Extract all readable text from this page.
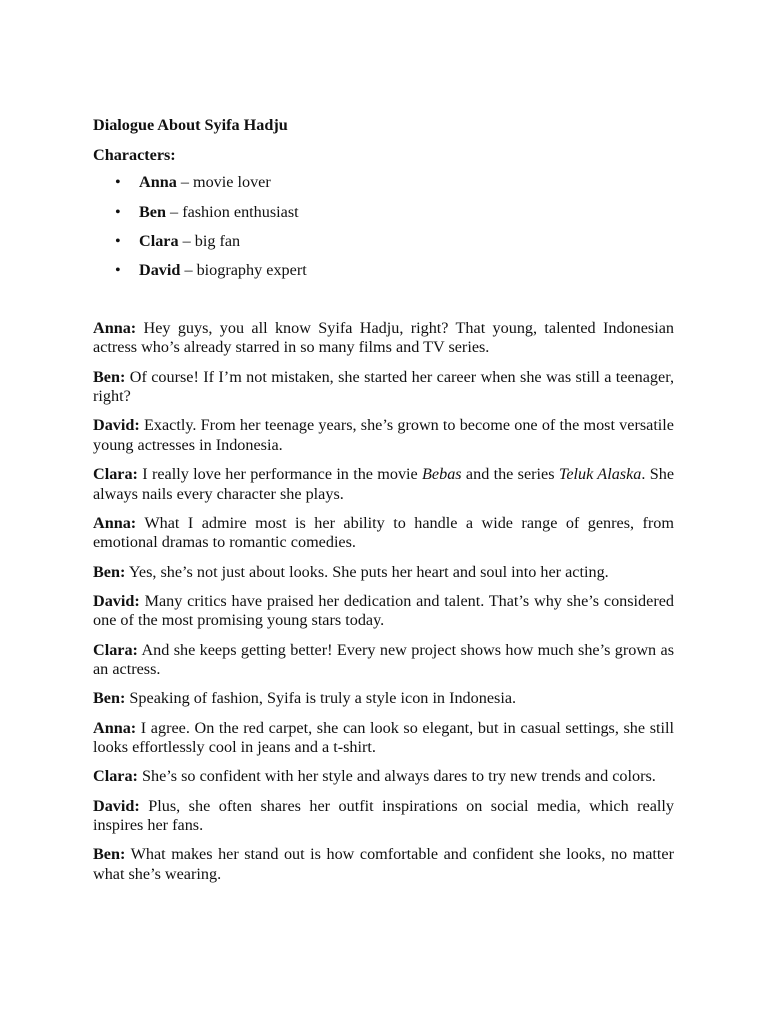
Dialogue About Syifa Hadju
Characters:
• Anna – movie lover
• Ben – fashion enthusiast
• Clara – big fan
• David – biography expert

Anna: Hey guys, you all know Syifa Hadju, right? That young, talented Indonesian actress who’s already starred in so many films and TV series.

Ben: Of course! If I’m not mistaken, she started her career when she was still a teenager, right?

David: Exactly. From her teenage years, she’s grown to become one of the most versatile young actresses in Indonesia.

Clara: I really love her performance in the movie Bebas and the series Teluk Alaska. She always nails every character she plays.

Anna: What I admire most is her ability to handle a wide range of genres, from emotional dramas to romantic comedies.

Ben: Yes, she’s not just about looks. She puts her heart and soul into her acting.

David: Many critics have praised her dedication and talent. That’s why she’s considered one of the most promising young stars today.

Clara: And she keeps getting better! Every new project shows how much she’s grown as an actress.

Ben: Speaking of fashion, Syifa is truly a style icon in Indonesia.

Anna: I agree. On the red carpet, she can look so elegant, but in casual settings, she still looks effortlessly cool in jeans and a t-shirt.

Clara: She’s so confident with her style and always dares to try new trends and colors.

David: Plus, she often shares her outfit inspirations on social media, which really inspires her fans.

Ben: What makes her stand out is how comfortable and confident she looks, no matter what she’s wearing.
